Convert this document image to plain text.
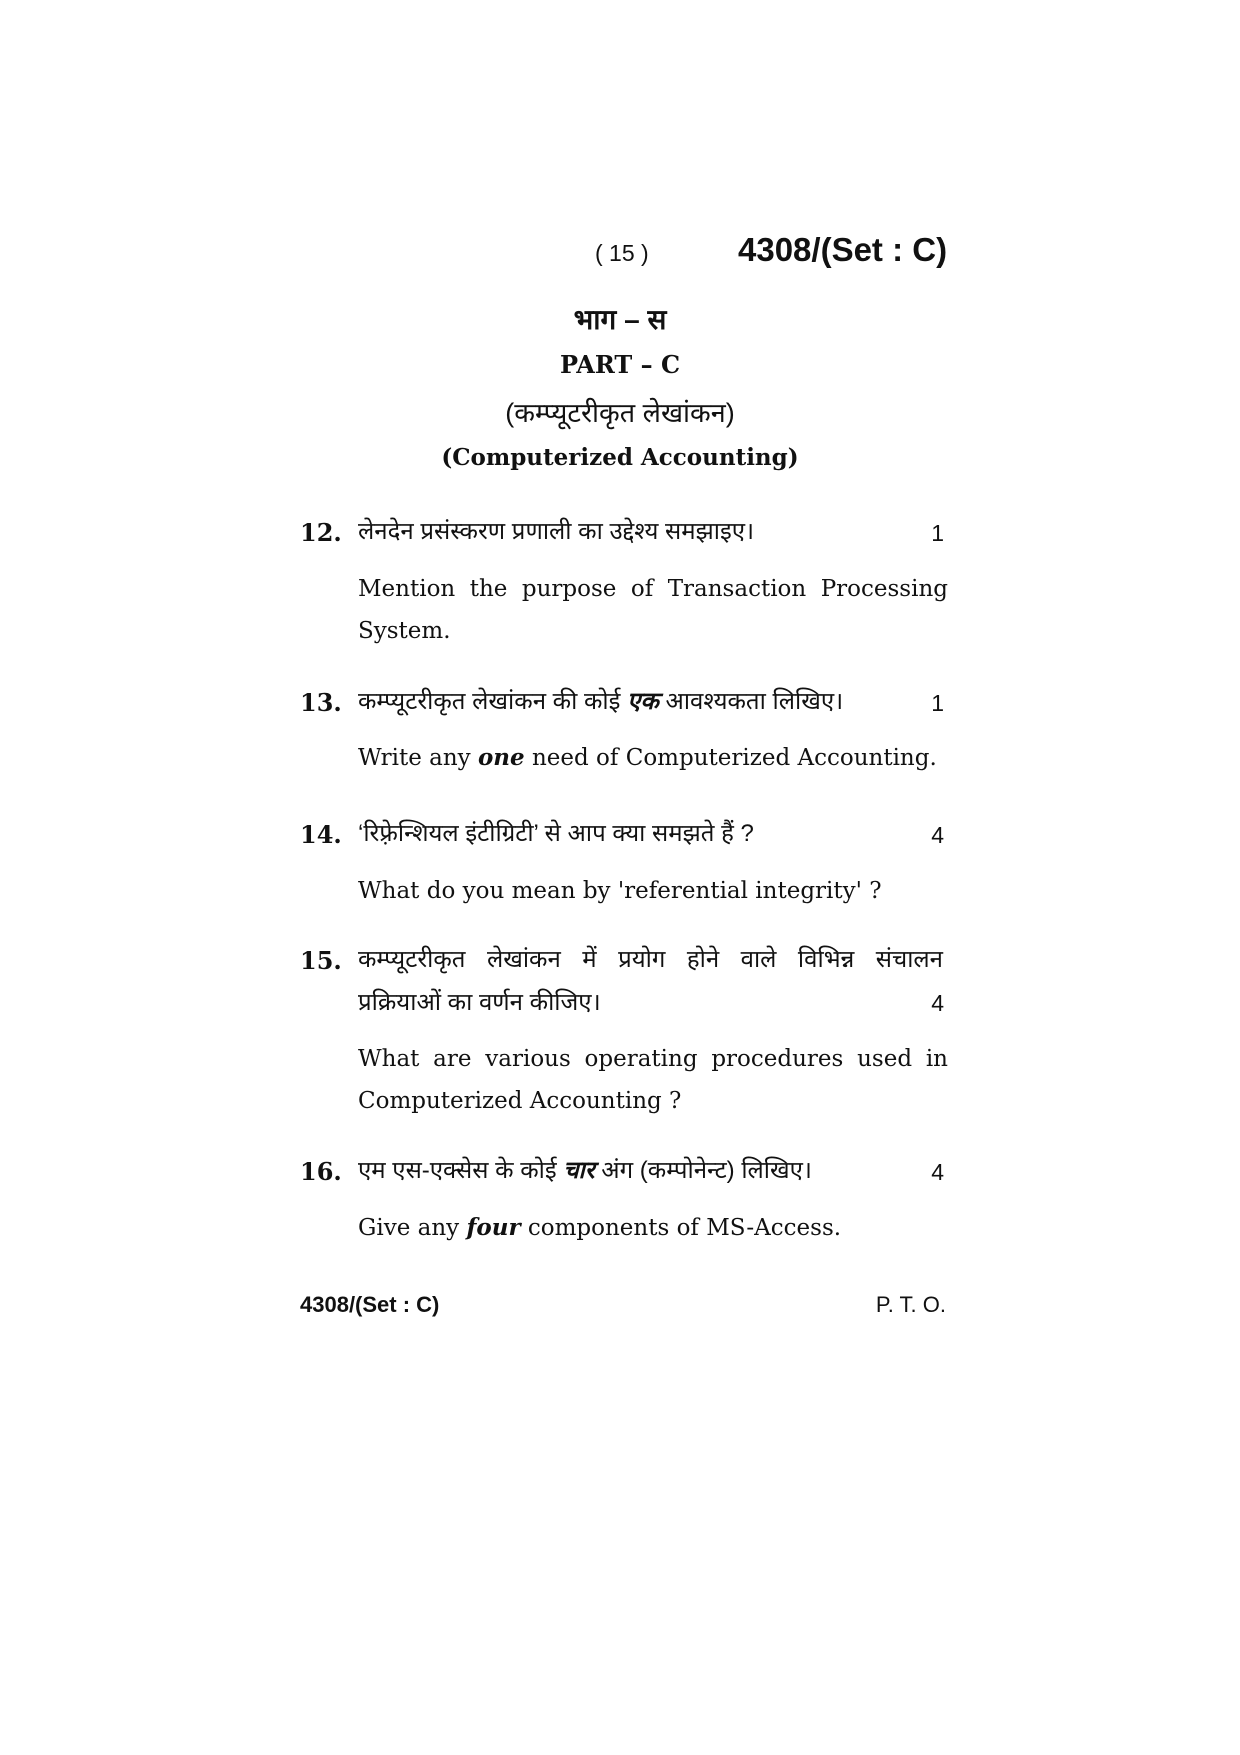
( 15 )	4308/(Set : C)
भाग – स
PART – C
(कम्प्यूटरीकृत लेखांकन)
(Computerized Accounting)
12. लेनदेन प्रसंस्करण प्रणाली का उद्देश्य समझाइए।	1
Mention the purpose of Transaction Processing
System.
13. कम्प्यूटरीकृत लेखांकन की कोई एक आवश्यकता लिखिए।	1
Write any one need of Computerized Accounting.
14. ‘रिफ़्रेन्शियल इंटीग्रिटी’ से आप क्या समझते हैं ?	4
What do you mean by 'referential integrity' ?
15. कम्प्यूटरीकृत लेखांकन में प्रयोग होने वाले विभिन्न संचालन
प्रक्रियाओं का वर्णन कीजिए।	4
What are various operating procedures used in
Computerized Accounting ?
16. एम एस-एक्सेस के कोई चार अंग (कम्पोनेन्ट) लिखिए।	4
Give any four components of MS-Access.
4308/(Set : C)	P. T. O.
